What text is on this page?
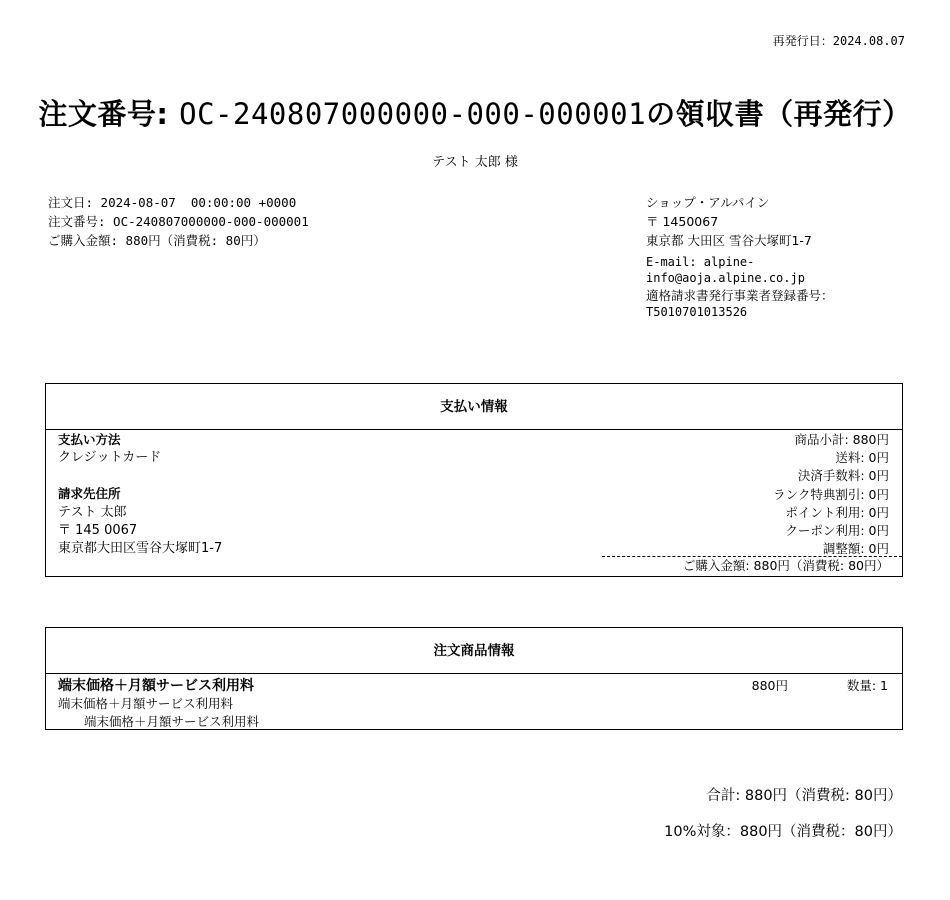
再発行日：2024.08.07
注文番号: OC-240807000000-000-000001の領収書（再発行）
テスト 太郎 様
注文日: 2024-08-07  00:00:00 +0000
注文番号: OC-240807000000-000-000001
ご購入金額: 880円（消費税: 80円）
ショップ・アルパイン
〒 1450067
東京都 大田区 雪谷大塚町1-7
E-mail: alpine-
info@aoja.alpine.co.jp
適格請求書発行事業者登録番号：
T5010701013526
支払い情報
支払い方法
クレジットカード
請求先住所
テスト 太郎
〒 145 0067
東京都大田区雪谷大塚町1-7
商品小計: 880円
送料: 0円
決済手数料: 0円
ランク特典割引: 0円
ポイント利用: 0円
クーポン利用: 0円
調整額: 0円
ご購入金額: 880円（消費税: 80円）
注文商品情報
端末価格＋月額サービス利用料	880円	数量: 1
端末価格＋月額サービス利用料
端末価格＋月額サービス利用料
合計: 880円（消費税: 80円）
10%対象：880円（消費税：80円）
